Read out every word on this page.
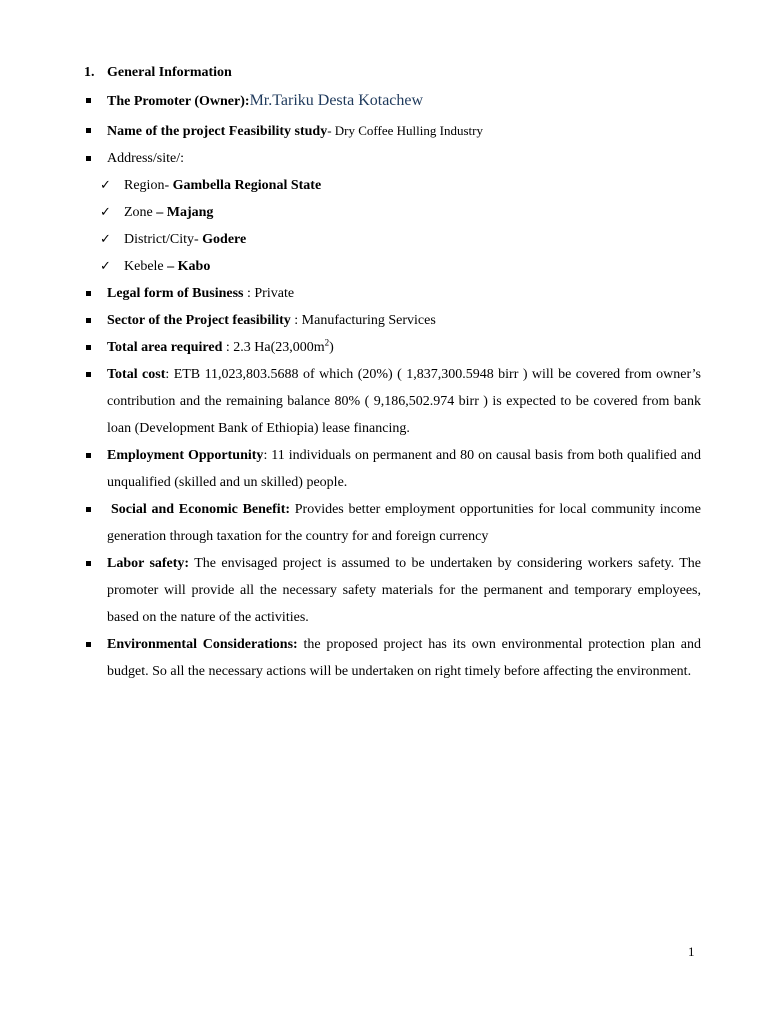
1. General Information
The Promoter (Owner):Mr.Tariku Desta Kotachew
Name of the project Feasibility study- Dry Coffee Hulling Industry
Address/site/:
✓ Region- Gambella Regional State
✓ Zone – Majang
✓ District/City- Godere
✓ Kebele – Kabo
Legal form of Business : Private
Sector of the Project feasibility : Manufacturing Services
Total area required : 2.3 $Ha(23,000m^2)$
Total cost: ETB 11,023,803.5688 of which (20%) ( 1,837,300.5948 birr ) will be covered from owner’s contribution and the remaining balance 80% ( 9,186,502.974 birr ) is expected to be covered from bank loan (Development Bank of Ethiopia) lease financing.
Employment Opportunity: 11 individuals on permanent and 80 on causal basis from both qualified and unqualified (skilled and un skilled) people.
Social and Economic Benefit: Provides better employment opportunities for local community income generation through taxation for the country for and foreign currency
Labor safety: The envisaged project is assumed to be undertaken by considering workers safety. The promoter will provide all the necessary safety materials for the permanent and temporary employees, based on the nature of the activities.
Environmental Considerations: the proposed project has its own environmental protection plan and budget. So all the necessary actions will be undertaken on right timely before affecting the environment.
1
